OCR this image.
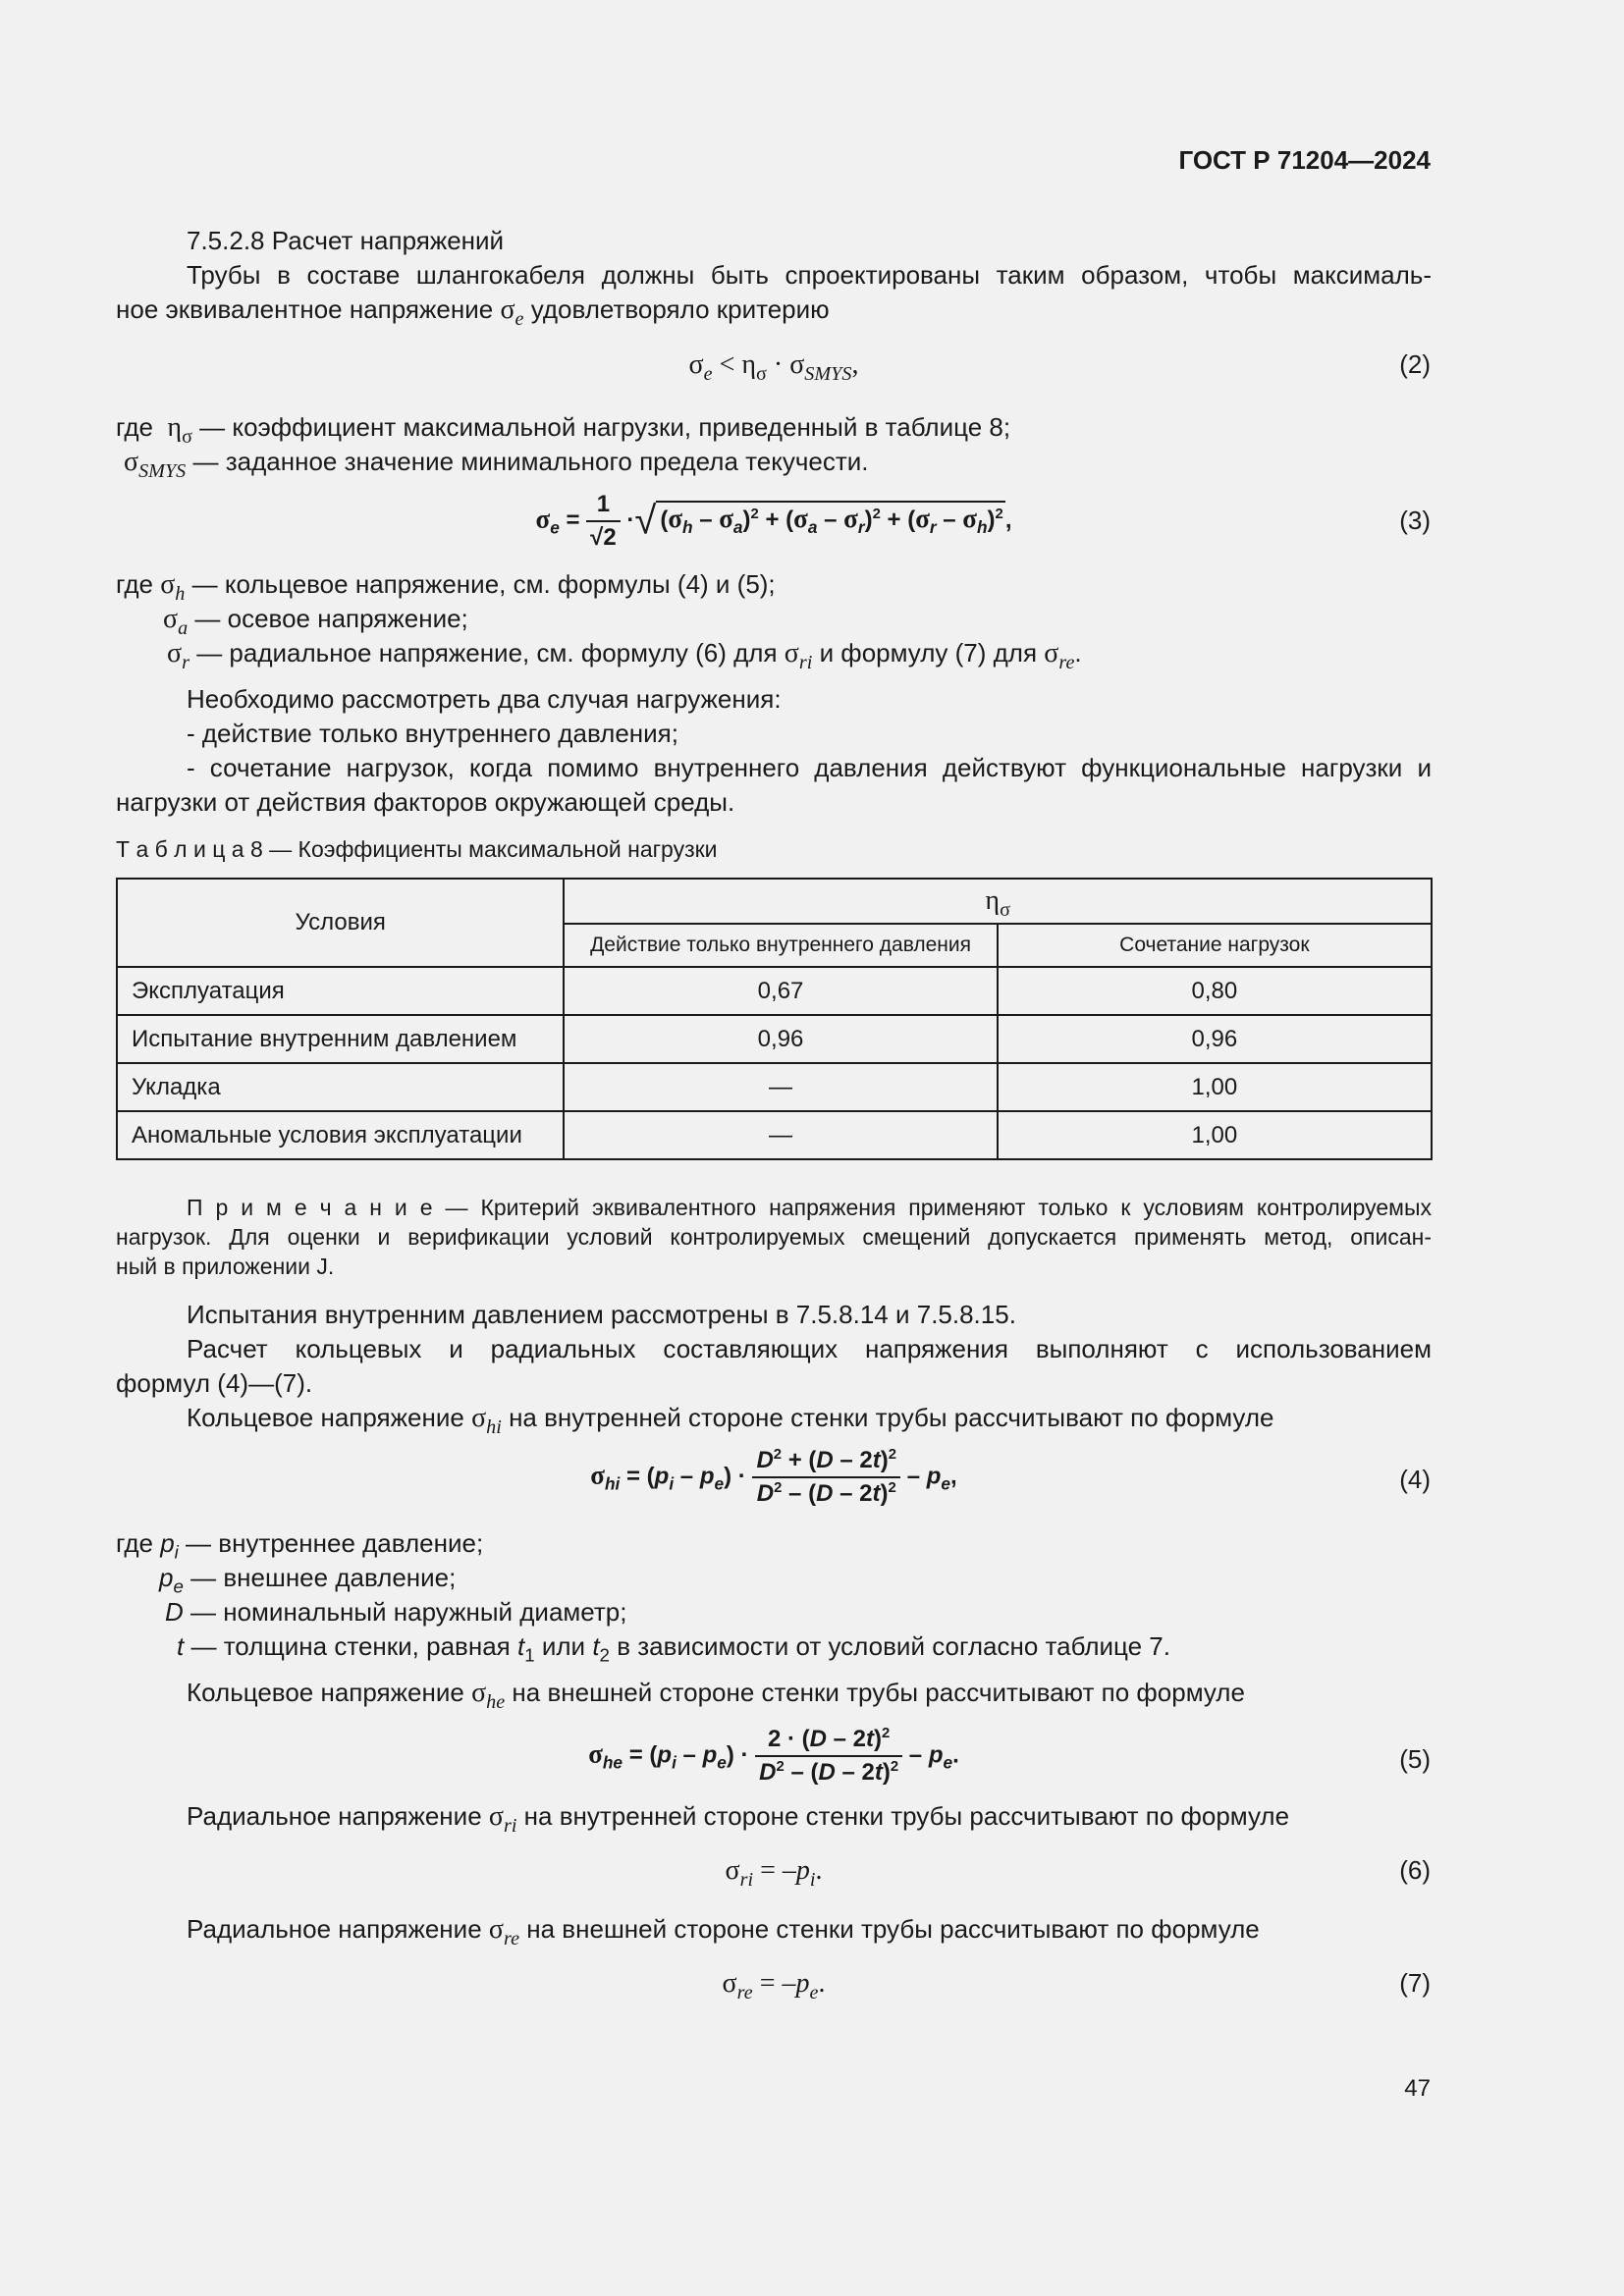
ГОСТ Р 71204—2024
7.5.2.8 Расчет напряжений
Трубы в составе шлангокабеля должны быть спроектированы таким образом, чтобы максималь-
ное эквивалентное напряжение $\sigma_e$ удовлетворяло критерию
$\sigma_e < \eta_\sigma \cdot \sigma_{SMYS}$,	(2)
где $\eta_\sigma$ — коэффициент максимальной нагрузки, приведенный в таблице 8;
$\sigma_{SMYS}$ — заданное значение минимального предела текучести.
$\sigma_e = \frac{1}{√2}$ ·√ $(\sigma_h - \sigma_a)^2 + (\sigma_a - \sigma_r)^2 + (\sigma_r - \sigma_h)^2$,	(3)
где $\sigma_h$ — кольцевое напряжение, см. формулы (4) и (5);
$\sigma_a$ — осевое напряжение;
$\sigma_r$ — радиальное напряжение, см. формулу (6) для $\sigma_{ri}$ и формулу (7) для $\sigma_{re}$.
Необходимо рассмотреть два случая нагружения:
- действие только внутреннего давления;
- сочетание нагрузок, когда помимо внутреннего давления действуют функциональные нагрузки и
нагрузки от действия факторов окружающей среды.
Т а б л и ц а 8 — Коэффициенты максимальной нагрузки
Условия	$\eta_\sigma$
	Действие только внутреннего давления	Сочетание нагрузок
Эксплуатация	0,67	0,80
Испытание внутренним давлением	0,96	0,96
Укладка	—	1,00
Аномальные условия эксплуатации	—	1,00
П р и м е ч а н и е — Критерий эквивалентного напряжения применяют только к условиям контролируемых
нагрузок. Для оценки и верификации условий контролируемых смещений допускается применять метод, описан-
ный в приложении J.
Испытания внутренним давлением рассмотрены в 7.5.8.14 и 7.5.8.15.
Расчет кольцевых и радиальных составляющих напряжения выполняют с использованием
формул (4)—(7).
Кольцевое напряжение $\sigma_{hi}$ на внутренней стороне стенки трубы рассчитывают по формуле
$\sigma_{hi} = (p_i - p_e) \cdot \frac{D^2 + (D - 2t)^2}{D^2 - (D - 2t)^2} - p_e$,	(4)
где $p_i$ — внутреннее давление;
$p_e$ — внешнее давление;
D — номинальный наружный диаметр;
t — толщина стенки, равная $t_1$ или $t_2$ в зависимости от условий согласно таблице 7.
Кольцевое напряжение $\sigma_{he}$ на внешней стороне стенки трубы рассчитывают по формуле
$\sigma_{he} = (p_i - p_e) \cdot \frac{2 \cdot (D - 2t)^2}{D^2 - (D - 2t)^2} - p_e$.	(5)
Радиальное напряжение $\sigma_{ri}$ на внутренней стороне стенки трубы рассчитывают по формуле
$\sigma_{ri} = -p_i$.	(6)
Радиальное напряжение $\sigma_{re}$ на внешней стороне стенки трубы рассчитывают по формуле
$\sigma_{re} = -p_e$.	(7)
47
